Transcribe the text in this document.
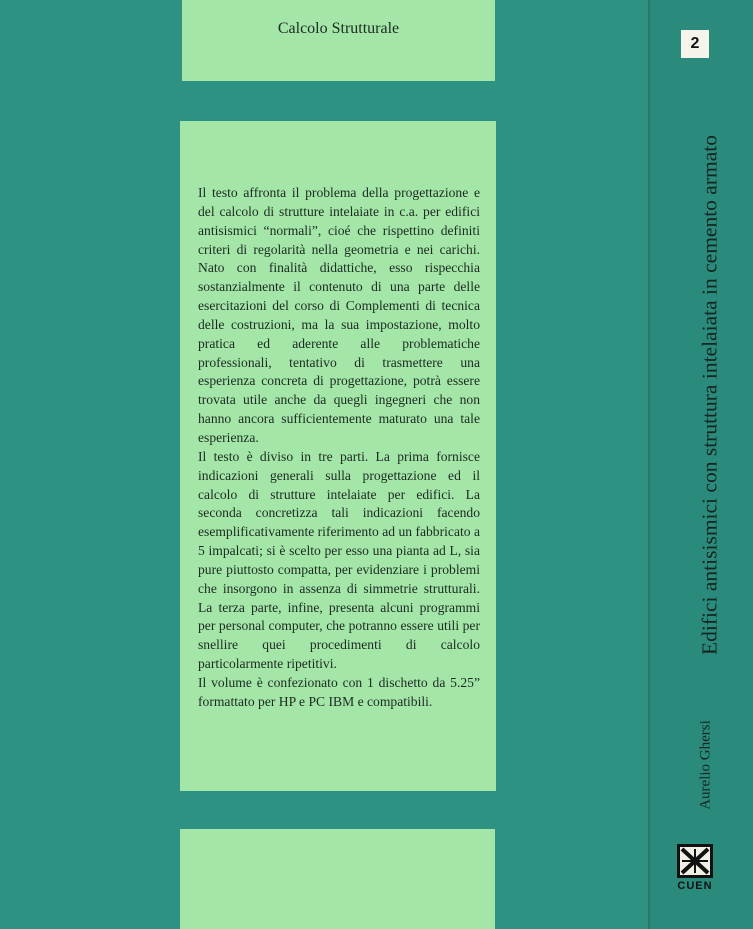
Calcolo Strutturale

Il testo affronta il problema della progettazione e del calcolo di strutture intelaiate in c.a. per edifici antisismici “normali”, cioé che rispettino definiti criteri di regolarità nella geometria e nei carichi. Nato con finalità didattiche, esso rispecchia sostanzialmente il contenuto di una parte delle esercitazioni del corso di Complementi di tecnica delle costruzioni, ma la sua impostazione, molto pratica ed aderente alle problematiche professionali, tentativo di trasmettere una esperienza concreta di progettazione, potrà essere trovata utile anche da quegli ingegneri che non hanno ancora sufficientemente maturato una tale esperienza.

Il testo è diviso in tre parti. La prima fornisce indicazioni generali sulla progettazione ed il calcolo di strutture intelaiate per edifici. La seconda concretizza tali indicazioni facendo esemplificativamente riferimento ad un fabbricato a 5 impalcati; si è scelto per esso una pianta ad L, sia pure piuttosto compatta, per evidenziare i problemi che insorgono in assenza di simmetrie strutturali. La terza parte, infine, presenta alcuni programmi per personal computer, che potranno essere utili per snellire quei procedimenti di calcolo particolarmente ripetitivi.

Il volume è confezionato con 1 dischetto da 5.25” formattato per HP e PC IBM e compatibili.

2
Edifici antisismici con struttura intelaiata in cemento armato
Aurelio Ghersi
CUEN
